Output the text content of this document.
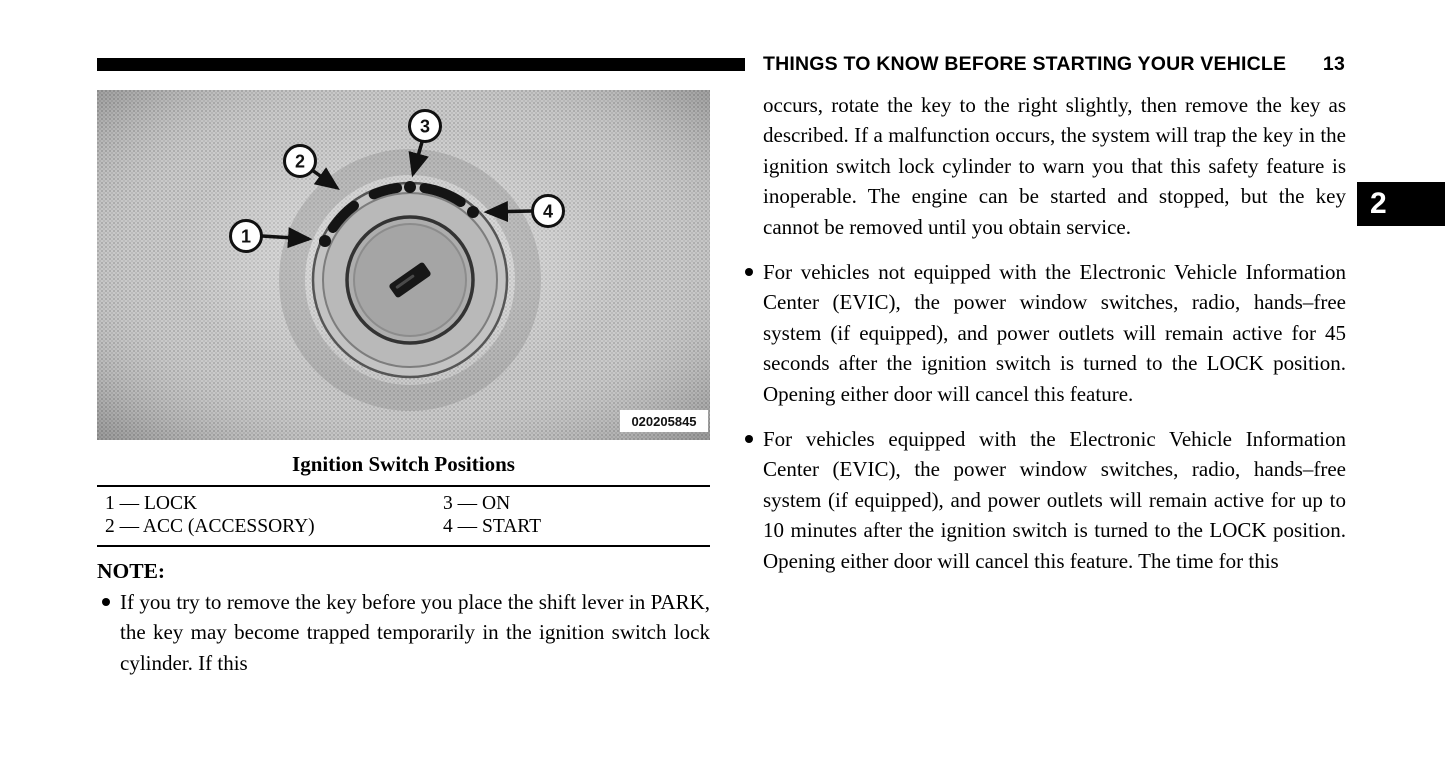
THINGS TO KNOW BEFORE STARTING YOUR VEHICLE 13
2
1
2
3
4
020205845
Ignition Switch Positions
1 — LOCK
2 — ACC (ACCESSORY)
3 — ON
4 — START
NOTE:
If you try to remove the key before you place the shift lever in PARK, the key may become trapped temporarily in the ignition switch lock cylinder. If this
occurs, rotate the key to the right slightly, then remove the key as described. If a malfunction occurs, the system will trap the key in the ignition switch lock cylinder to warn you that this safety feature is inoperable. The engine can be started and stopped, but the key cannot be removed until you obtain service.
For vehicles not equipped with the Electronic Vehicle Information Center (EVIC), the power window switches, radio, hands–free system (if equipped), and power outlets will remain active for 45 seconds after the ignition switch is turned to the LOCK position. Opening either door will cancel this feature.
For vehicles equipped with the Electronic Vehicle Information Center (EVIC), the power window switches, radio, hands–free system (if equipped), and power outlets will remain active for up to 10 minutes after the ignition switch is turned to the LOCK position. Opening either door will cancel this feature. The time for this
